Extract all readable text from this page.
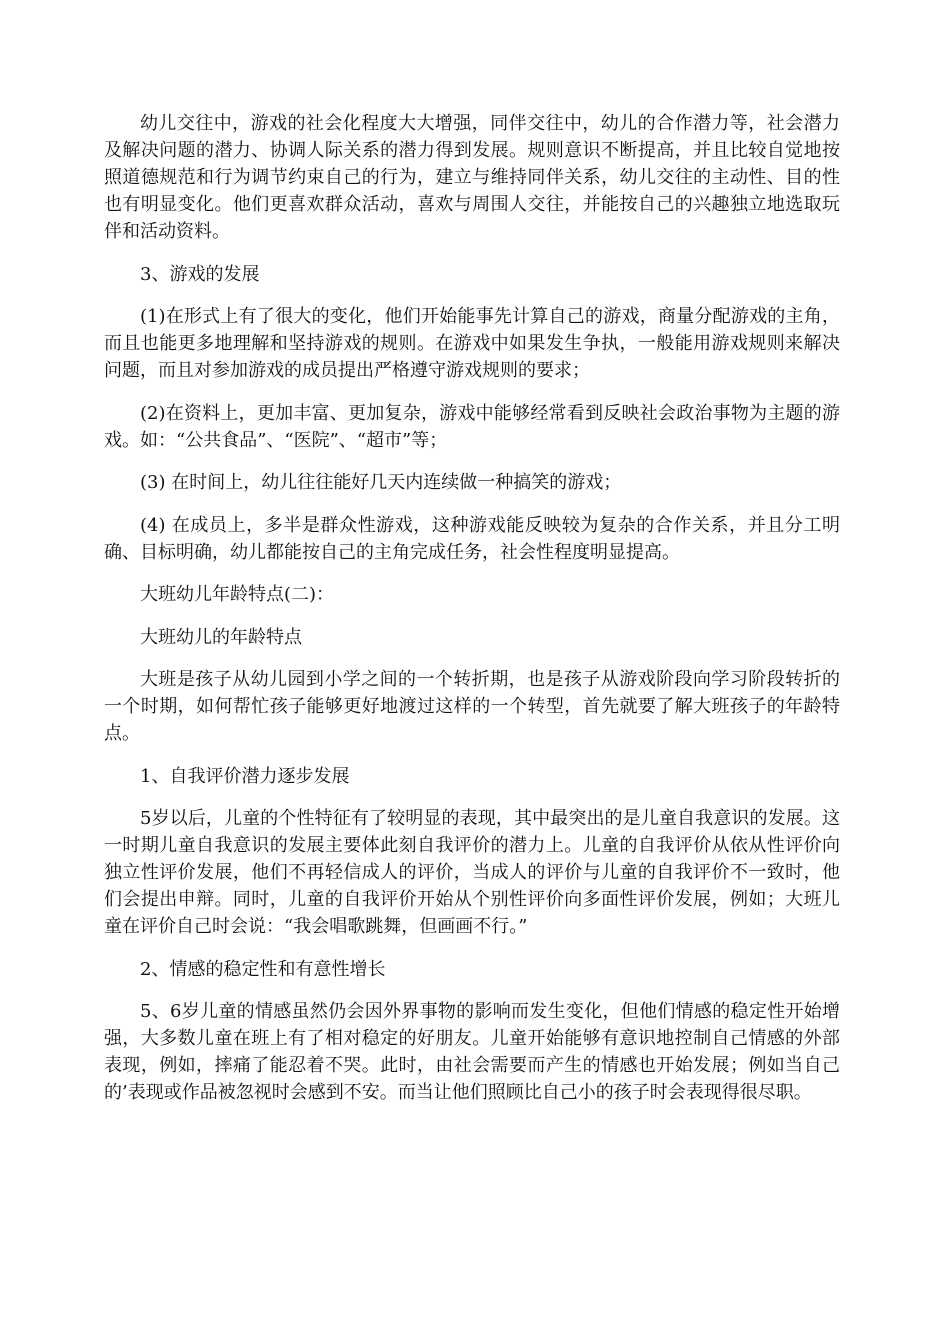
幼儿交往中，游戏的社会化程度大大增强，同伴交往中，幼儿的合作潜力等，社会潜力及解决问题的潜力、协调人际关系的潜力得到发展。规则意识不断提高，并且比较自觉地按照道德规范和行为调节约束自己的行为，建立与维持同伴关系，幼儿交往的主动性、目的性也有明显变化。他们更喜欢群众活动，喜欢与周围人交往，并能按自己的兴趣独立地选取玩伴和活动资料。

3、游戏的发展

(1)在形式上有了很大的变化，他们开始能事先计算自己的游戏，商量分配游戏的主角，而且也能更多地理解和坚持游戏的规则。在游戏中如果发生争执，一般能用游戏规则来解决问题，而且对参加游戏的成员提出严格遵守游戏规则的要求；

(2)在资料上，更加丰富、更加复杂，游戏中能够经常看到反映社会政治事物为主题的游戏。如：“公共食品”、“医院”、“超市”等；

(3) 在时间上，幼儿往往能好几天内连续做一种搞笑的游戏；

(4) 在成员上，多半是群众性游戏，这种游戏能反映较为复杂的合作关系，并且分工明确、目标明确，幼儿都能按自己的主角完成任务，社会性程度明显提高。

大班幼儿年龄特点(二)：

大班幼儿的年龄特点

大班是孩子从幼儿园到小学之间的一个转折期，也是孩子从游戏阶段向学习阶段转折的一个时期，如何帮忙孩子能够更好地渡过这样的一个转型，首先就要了解大班孩子的年龄特点。

1、自我评价潜力逐步发展

5岁以后，儿童的个性特征有了较明显的表现，其中最突出的是儿童自我意识的发展。这一时期儿童自我意识的发展主要体此刻自我评价的潜力上。儿童的自我评价从依从性评价向独立性评价发展，他们不再轻信成人的评价，当成人的评价与儿童的自我评价不一致时，他们会提出申辩。同时，儿童的自我评价开始从个别性评价向多面性评价发展，例如；大班儿童在评价自己时会说：“我会唱歌跳舞，但画画不行。”

2、情感的稳定性和有意性增长

5、6岁儿童的情感虽然仍会因外界事物的影响而发生变化，但他们情感的稳定性开始增强，大多数儿童在班上有了相对稳定的好朋友。儿童开始能够有意识地控制自己情感的外部表现，例如，摔痛了能忍着不哭。此时，由社会需要而产生的情感也开始发展；例如当自己的’表现或作品被忽视时会感到不安。而当让他们照顾比自己小的孩子时会表现得很尽职。
